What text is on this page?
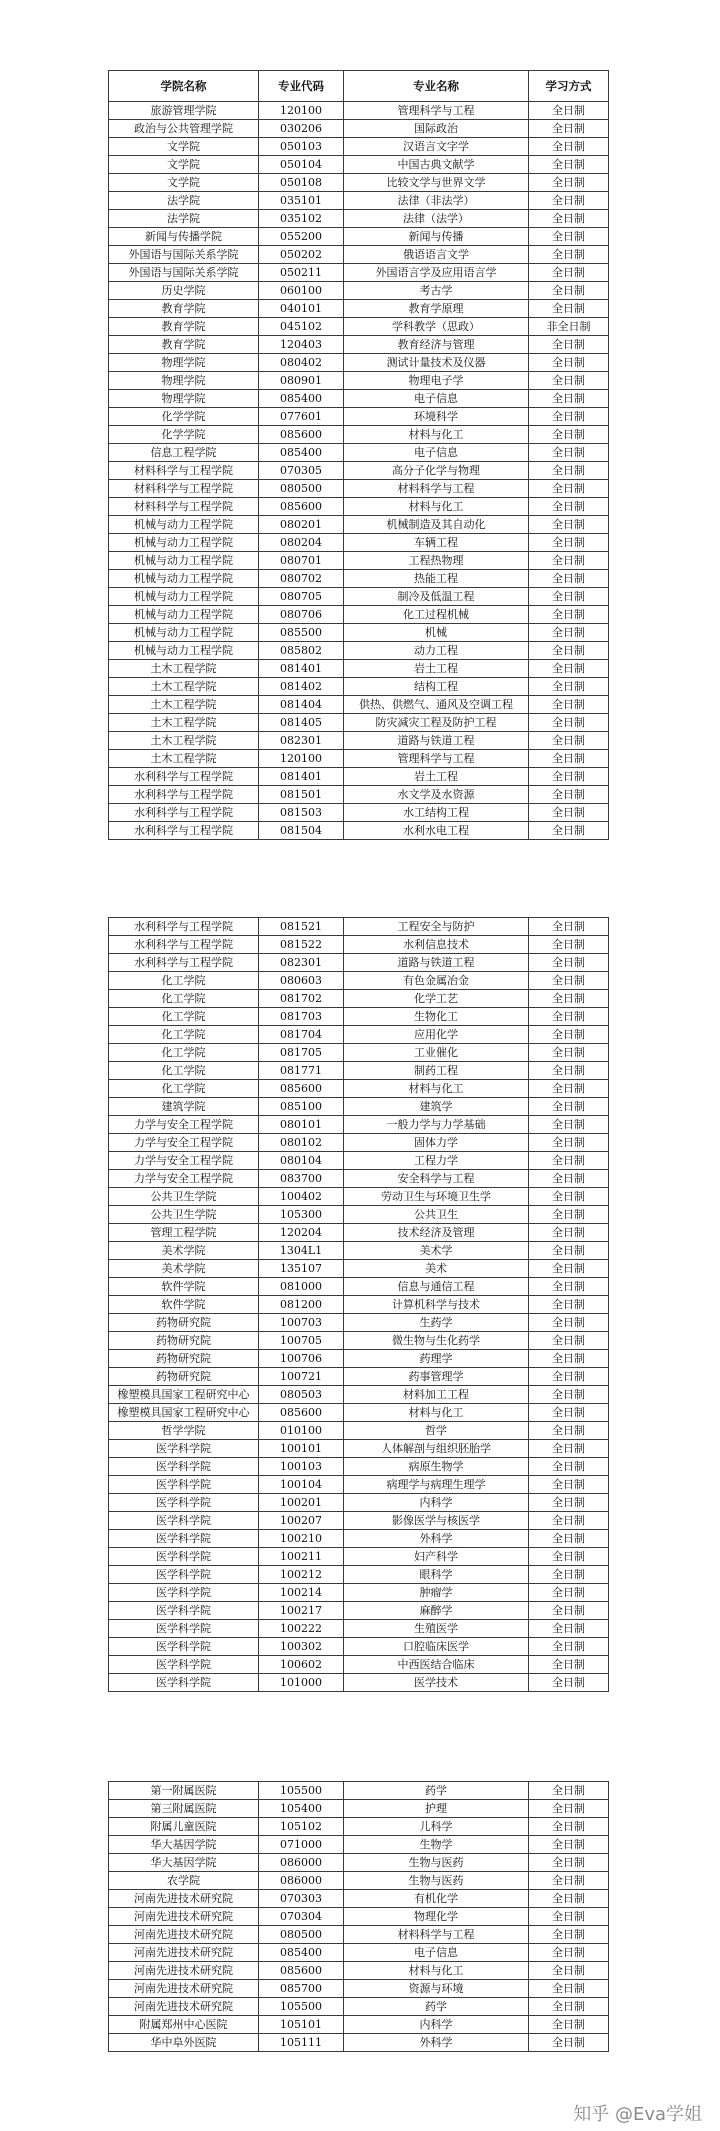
学院名称	专业代码	专业名称	学习方式
旅游管理学院	120100	管理科学与工程	全日制
政治与公共管理学院	030206	国际政治	全日制
文学院	050103	汉语言文字学	全日制
文学院	050104	中国古典文献学	全日制
文学院	050108	比较文学与世界文学	全日制
法学院	035101	法律（非法学）	全日制
法学院	035102	法律（法学）	全日制
新闻与传播学院	055200	新闻与传播	全日制
外国语与国际关系学院	050202	俄语语言文学	全日制
外国语与国际关系学院	050211	外国语言学及应用语言学	全日制
历史学院	060100	考古学	全日制
教育学院	040101	教育学原理	全日制
教育学院	045102	学科教学（思政）	非全日制
教育学院	120403	教育经济与管理	全日制
物理学院	080402	测试计量技术及仪器	全日制
物理学院	080901	物理电子学	全日制
物理学院	085400	电子信息	全日制
化学学院	077601	环境科学	全日制
化学学院	085600	材料与化工	全日制
信息工程学院	085400	电子信息	全日制
材料科学与工程学院	070305	高分子化学与物理	全日制
材料科学与工程学院	080500	材料科学与工程	全日制
材料科学与工程学院	085600	材料与化工	全日制
机械与动力工程学院	080201	机械制造及其自动化	全日制
机械与动力工程学院	080204	车辆工程	全日制
机械与动力工程学院	080701	工程热物理	全日制
机械与动力工程学院	080702	热能工程	全日制
机械与动力工程学院	080705	制冷及低温工程	全日制
机械与动力工程学院	080706	化工过程机械	全日制
机械与动力工程学院	085500	机械	全日制
机械与动力工程学院	085802	动力工程	全日制
土木工程学院	081401	岩土工程	全日制
土木工程学院	081402	结构工程	全日制
土木工程学院	081404	供热、供燃气、通风及空调工程	全日制
土木工程学院	081405	防灾减灾工程及防护工程	全日制
土木工程学院	082301	道路与铁道工程	全日制
土木工程学院	120100	管理科学与工程	全日制
水利科学与工程学院	081401	岩土工程	全日制
水利科学与工程学院	081501	水文学及水资源	全日制
水利科学与工程学院	081503	水工结构工程	全日制
水利科学与工程学院	081504	水利水电工程	全日制
水利科学与工程学院	081521	工程安全与防护	全日制
水利科学与工程学院	081522	水利信息技术	全日制
水利科学与工程学院	082301	道路与铁道工程	全日制
化工学院	080603	有色金属冶金	全日制
化工学院	081702	化学工艺	全日制
化工学院	081703	生物化工	全日制
化工学院	081704	应用化学	全日制
化工学院	081705	工业催化	全日制
化工学院	081771	制药工程	全日制
化工学院	085600	材料与化工	全日制
建筑学院	085100	建筑学	全日制
力学与安全工程学院	080101	一般力学与力学基础	全日制
力学与安全工程学院	080102	固体力学	全日制
力学与安全工程学院	080104	工程力学	全日制
力学与安全工程学院	083700	安全科学与工程	全日制
公共卫生学院	100402	劳动卫生与环境卫生学	全日制
公共卫生学院	105300	公共卫生	全日制
管理工程学院	120204	技术经济及管理	全日制
美术学院	1304L1	美术学	全日制
美术学院	135107	美术	全日制
软件学院	081000	信息与通信工程	全日制
软件学院	081200	计算机科学与技术	全日制
药物研究院	100703	生药学	全日制
药物研究院	100705	微生物与生化药学	全日制
药物研究院	100706	药理学	全日制
药物研究院	100721	药事管理学	全日制
橡塑模具国家工程研究中心	080503	材料加工工程	全日制
橡塑模具国家工程研究中心	085600	材料与化工	全日制
哲学学院	010100	哲学	全日制
医学科学院	100101	人体解剖与组织胚胎学	全日制
医学科学院	100103	病原生物学	全日制
医学科学院	100104	病理学与病理生理学	全日制
医学科学院	100201	内科学	全日制
医学科学院	100207	影像医学与核医学	全日制
医学科学院	100210	外科学	全日制
医学科学院	100211	妇产科学	全日制
医学科学院	100212	眼科学	全日制
医学科学院	100214	肿瘤学	全日制
医学科学院	100217	麻醉学	全日制
医学科学院	100222	生殖医学	全日制
医学科学院	100302	口腔临床医学	全日制
医学科学院	100602	中西医结合临床	全日制
医学科学院	101000	医学技术	全日制
第一附属医院	105500	药学	全日制
第三附属医院	105400	护理	全日制
附属儿童医院	105102	儿科学	全日制
华大基因学院	071000	生物学	全日制
华大基因学院	086000	生物与医药	全日制
农学院	086000	生物与医药	全日制
河南先进技术研究院	070303	有机化学	全日制
河南先进技术研究院	070304	物理化学	全日制
河南先进技术研究院	080500	材料科学与工程	全日制
河南先进技术研究院	085400	电子信息	全日制
河南先进技术研究院	085600	材料与化工	全日制
河南先进技术研究院	085700	资源与环境	全日制
河南先进技术研究院	105500	药学	全日制
附属郑州中心医院	105101	内科学	全日制
华中阜外医院	105111	外科学	全日制
知乎 @Eva学姐
